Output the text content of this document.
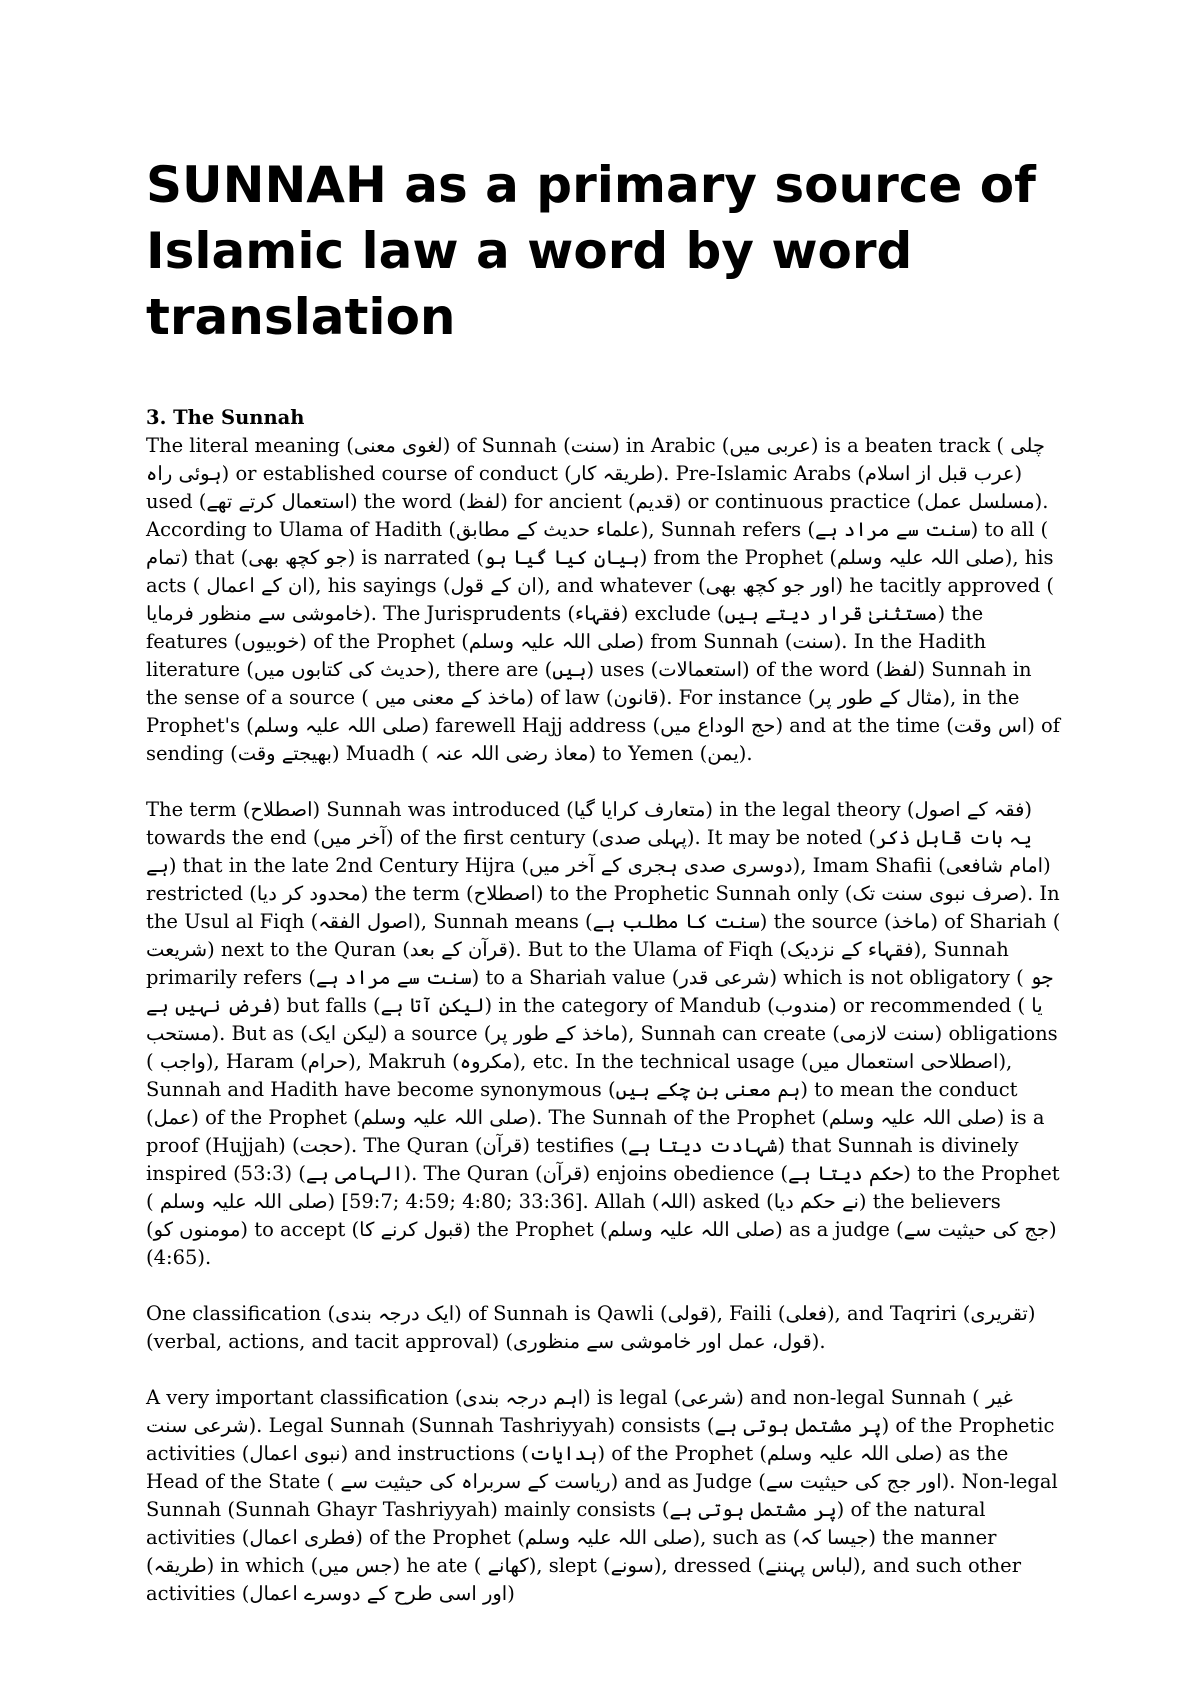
SUNNAH as a primary source of Islamic law a word by word translation

3. The Sunnah

The literal meaning (لغوی معنی) of Sunnah (سنت) in Arabic (عربی میں) is a beaten track ( چلی ہوئی راہ) or established course of conduct (طریقہ کار). Pre-Islamic Arabs (عرب قبل از اسلام) used (استعمال کرتے تھے) the word (لفظ) for ancient (قدیم) or continuous practice (مسلسل عمل). According to Ulama of Hadith (علماء حدیث کے مطابق), Sunnah refers (سنت سے مراد ہے) to all ( تمام) that (جو کچھ بھی) is narrated (بیان کیا گیا ہو) from the Prophet (صلی اللہ علیہ وسلم), his acts ( ان کے اعمال), his sayings (ان کے قول), and whatever (اور جو کچھ بھی) he tacitly approved ( خاموشی سے منظور فرمایا). The Jurisprudents (فقہاء) exclude (مستثنیٰ قرار دیتے ہیں) the features (خوبیوں) of the Prophet (صلی اللہ علیہ وسلم) from Sunnah (سنت). In the Hadith literature (حدیث کی کتابوں میں), there are (ہیں) uses (استعمالات) of the word (لفظ) Sunnah in the sense of a source ( ماخذ کے معنی میں) of law (قانون). For instance (مثال کے طور پر), in the Prophet's (صلی اللہ علیہ وسلم) farewell Hajj address (حج الوداع میں) and at the time (اس وقت) of sending (بھیجتے وقت) Muadh ( معاذ رضی اللہ عنہ) to Yemen (یمن).

The term (اصطلاح) Sunnah was introduced (متعارف کرایا گیا) in the legal theory (فقہ کے اصول) towards the end (آخر میں) of the first century (پہلی صدی). It may be noted (یہ بات قابل ذکر ہے) that in the late 2nd Century Hijra (دوسری صدی ہجری کے آخر میں), Imam Shafii (امام شافعی) restricted (محدود کر دیا) the term (اصطلاح) to the Prophetic Sunnah only (صرف نبوی سنت تک). In the Usul al Fiqh (اصول الفقہ), Sunnah means (سنت کا مطلب ہے) the source (ماخذ) of Shariah ( شریعت) next to the Quran (قرآن کے بعد). But to the Ulama of Fiqh (فقہاء کے نزدیک), Sunnah primarily refers (سنت سے مراد ہے) to a Shariah value (شرعی قدر) which is not obligatory ( جو فرض نہیں ہے) but falls (لیکن آتا ہے) in the category of Mandub (مندوب) or recommended ( یا مستحب). But as (لیکن ایک) a source (ماخذ کے طور پر), Sunnah can create (سنت لازمی) obligations ( واجب), Haram (حرام), Makruh (مکروہ), etc. In the technical usage (اصطلاحی استعمال میں), Sunnah and Hadith have become synonymous (ہم معنی بن چکے ہیں) to mean the conduct (عمل) of the Prophet (صلی اللہ علیہ وسلم). The Sunnah of the Prophet (صلی اللہ علیہ وسلم) is a proof (Hujjah) (حجت). The Quran (قرآن) testifies (شہادت دیتا ہے) that Sunnah is divinely inspired (53:3) (الہامی ہے). The Quran (قرآن) enjoins obedience (حکم دیتا ہے) to the Prophet ( صلی اللہ علیہ وسلم) [33:36 ;4:80 ;4:59 ;59:7]. Allah (اللہ) asked (نے حکم دیا) the believers (مومنوں کو) to accept (قبول کرنے کا) the Prophet (صلی اللہ علیہ وسلم) as a judge (جج کی حیثیت سے) (4:65).

One classification (ایک درجہ بندی) of Sunnah is Qawli (قولی), Faili (فعلی), and Taqriri (تقریری) (verbal, actions, and tacit approval) (قول، عمل اور خاموشی سے منظوری).

A very important classification (اہم درجہ بندی) is legal (شرعی) and non-legal Sunnah ( غیر شرعی سنت). Legal Sunnah (Sunnah Tashriyyah) consists (پر مشتمل ہوتی ہے) of the Prophetic activities (نبوی اعمال) and instructions (ہدایات) of the Prophet (صلی اللہ علیہ وسلم) as the Head of the State ( ریاست کے سربراہ کی حیثیت سے) and as Judge (اور جج کی حیثیت سے). Non-legal Sunnah (Sunnah Ghayr Tashriyyah) mainly consists (پر مشتمل ہوتی ہے) of the natural activities (فطری اعمال) of the Prophet (صلی اللہ علیہ وسلم), such as (جیسا کہ) the manner (طریقہ) in which (جس میں) he ate ( کھانے), slept (سونے), dressed (لباس پہننے), and such other activities (اور اسی طرح کے دوسرے اعمال)
